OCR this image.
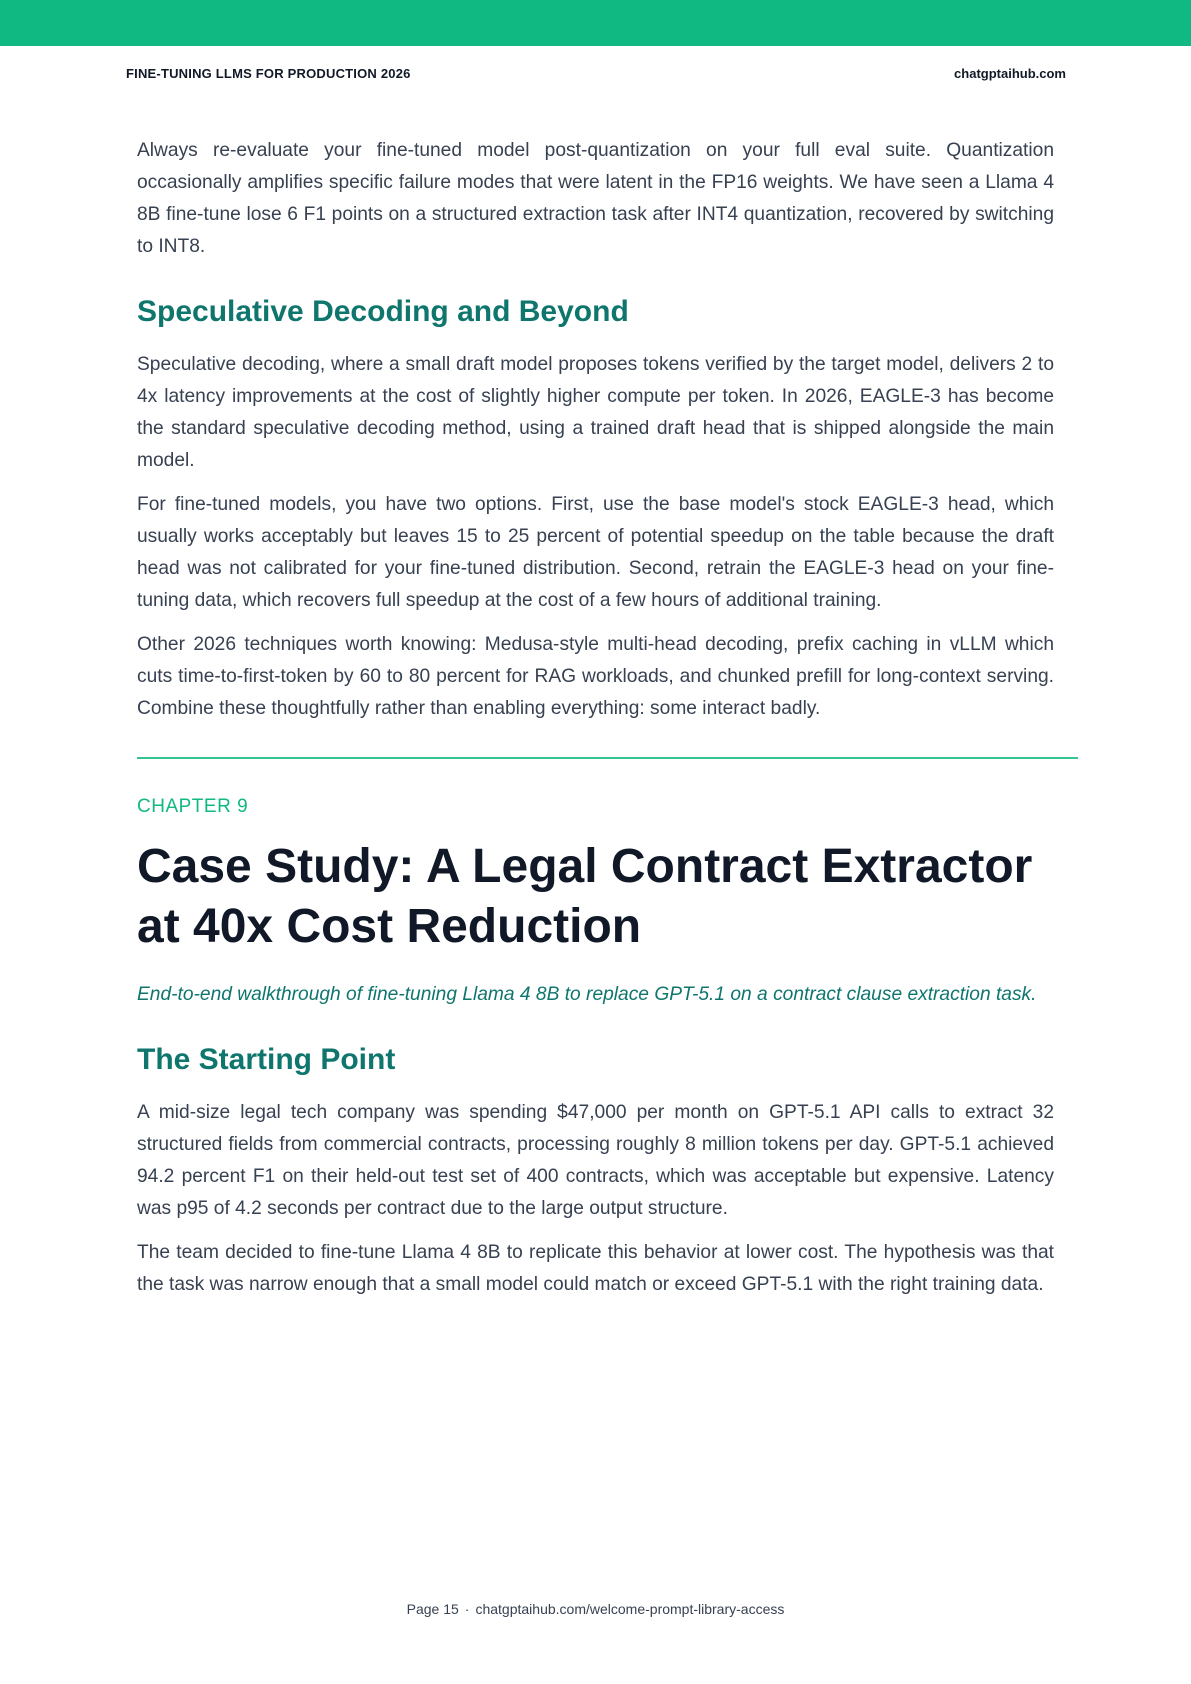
FINE-TUNING LLMS FOR PRODUCTION 2026	chatgptaihub.com

Always re-evaluate your fine-tuned model post-quantization on your full eval suite. Quantization occasionally amplifies specific failure modes that were latent in the FP16 weights. We have seen a Llama 4 8B fine-tune lose 6 F1 points on a structured extraction task after INT4 quantization, recovered by switching to INT8.

Speculative Decoding and Beyond

Speculative decoding, where a small draft model proposes tokens verified by the target model, delivers 2 to 4x latency improvements at the cost of slightly higher compute per token. In 2026, EAGLE-3 has become the standard speculative decoding method, using a trained draft head that is shipped alongside the main model.

For fine-tuned models, you have two options. First, use the base model's stock EAGLE-3 head, which usually works acceptably but leaves 15 to 25 percent of potential speedup on the table because the draft head was not calibrated for your fine-tuned distribution. Second, retrain the EAGLE-3 head on your fine-tuning data, which recovers full speedup at the cost of a few hours of additional training.

Other 2026 techniques worth knowing: Medusa-style multi-head decoding, prefix caching in vLLM which cuts time-to-first-token by 60 to 80 percent for RAG workloads, and chunked prefill for long-context serving. Combine these thoughtfully rather than enabling everything: some interact badly.

CHAPTER 9
Case Study: A Legal Contract Extractor
at 40x Cost Reduction

End-to-end walkthrough of fine-tuning Llama 4 8B to replace GPT-5.1 on a contract clause extraction task.

The Starting Point

A mid-size legal tech company was spending $47,000 per month on GPT-5.1 API calls to extract 32 structured fields from commercial contracts, processing roughly 8 million tokens per day. GPT-5.1 achieved 94.2 percent F1 on their held-out test set of 400 contracts, which was acceptable but expensive. Latency was p95 of 4.2 seconds per contract due to the large output structure.

The team decided to fine-tune Llama 4 8B to replicate this behavior at lower cost. The hypothesis was that the task was narrow enough that a small model could match or exceed GPT-5.1 with the right training data.

Page 15 · chatgptaihub.com/welcome-prompt-library-access
